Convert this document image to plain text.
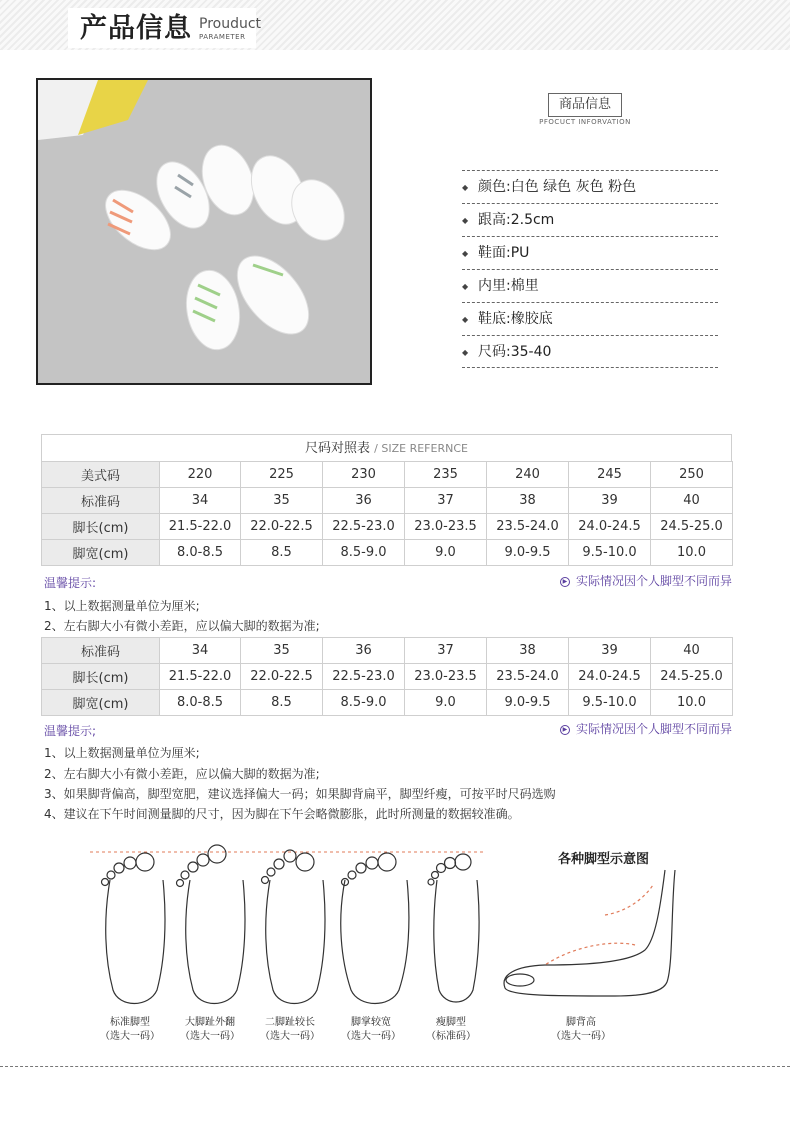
产品信息 Prouduct
PARAMETER
商品信息
PFOCUCT INFORVATION
◆ 颜色:白色 绿色 灰色 粉色
◆ 跟高:2.5cm
◆ 鞋面:PU
◆ 内里:棉里
◆ 鞋底:橡胶底
◆ 尺码:35-40
尺码对照表 / SIZE REFERNCE
美式码	220	225	230	235	240	245	250
标准码	34	35	36	37	38	39	40
脚长(cm)	21.5-22.0	22.0-22.5	22.5-23.0	23.0-23.5	23.5-24.0	24.0-24.5	24.5-25.0
脚宽(cm)	8.0-8.5	8.5	8.5-9.0	9.0	9.0-9.5	9.5-10.0	10.0
温馨提示:	▶ 实际情况因个人脚型不同而异
1、以上数据测量单位为厘米;
2、左右脚大小有微小差距，应以偏大脚的数据为准;
标准码	34	35	36	37	38	39	40
脚长(cm)	21.5-22.0	22.0-22.5	22.5-23.0	23.0-23.5	23.5-24.0	24.0-24.5	24.5-25.0
脚宽(cm)	8.0-8.5	8.5	8.5-9.0	9.0	9.0-9.5	9.5-10.0	10.0
温馨提示;	▶ 实际情况因个人脚型不同而异
1、以上数据测量单位为厘米;
2、左右脚大小有微小差距，应以偏大脚的数据为准;
3、如果脚背偏高，脚型宽肥，建议选择偏大一码；如果脚背扁平，脚型纤瘦，可按平时尺码选购
4、建议在下午时间测量脚的尺寸，因为脚在下午会略微膨胀，此时所测量的数据较准确。
各种脚型示意图
标准脚型
（选大一码）
大脚趾外翻
（选大一码）
二脚趾较长
（选大一码）
脚掌较宽
（选大一码）
瘦脚型
（标准码）
脚背高
（选大一码）
